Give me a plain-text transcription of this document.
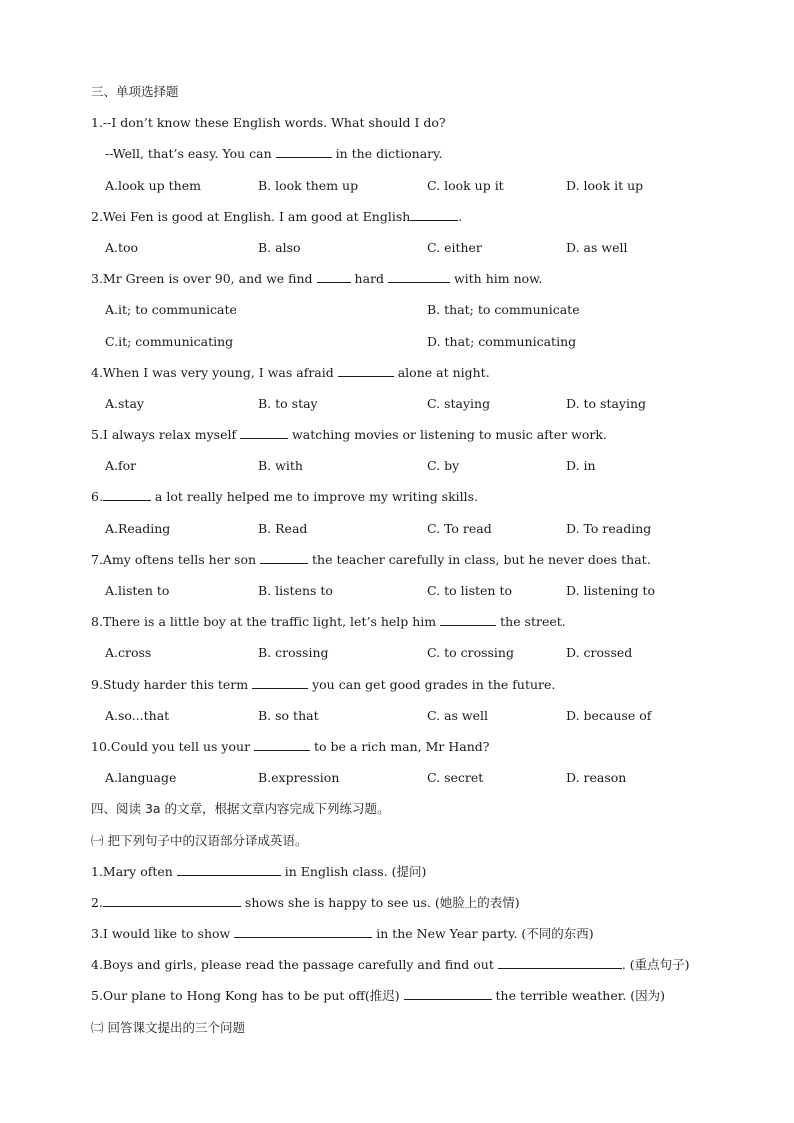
三、单项选择题
1.--I don’t know these English words. What should I do?
--Well, that’s easy. You can	in the dictionary.
A.look up them	B. look them up	C. look up it	D. look it up
2.Wei Fen is good at English. I am good at English	.
A.too	B. also	C. either	D. as well
3.Mr Green is over 90, and we find	hard	with him now.
A.it; to communicate	B. that; to communicate
C.it; communicating	D. that; communicating
4.When I was very young, I was afraid	alone at night.
A.stay	B. to stay	C. staying	D. to staying
5.I always relax myself	watching movies or listening to music after work.
A.for	B. with	C. by	D. in
6.	a lot really helped me to improve my writing skills.
A.Reading	B. Read	C. To read	D. To reading
7.Amy oftens tells her son	the teacher carefully in class, but he never does that.
A.listen to	B. listens to	C. to listen to	D. listening to
8.There is a little boy at the traffic light, let’s help him	the street.
A.cross	B. crossing	C. to crossing	D. crossed
9.Study harder this term	you can get good grades in the future.
A.so...that	B. so that	C. as well	D. because of
10.Could you tell us your	to be a rich man, Mr Hand?
A.language	B.expression	C. secret	D. reason
四、阅读 3a 的文章，根据文章内容完成下列练习题。
㈠ 把下列句子中的汉语部分译成英语。
1.Mary often	in English class. (提问)
2.	shows she is happy to see us. (她脸上的表情)
3.I would like to show	in the New Year party. (不同的东西)
4.Boys and girls, please read the passage carefully and find out	. (重点句子)
5.Our plane to Hong Kong has to be put off(推迟)	the terrible weather. (因为)
㈡ 回答课文提出的三个问题
